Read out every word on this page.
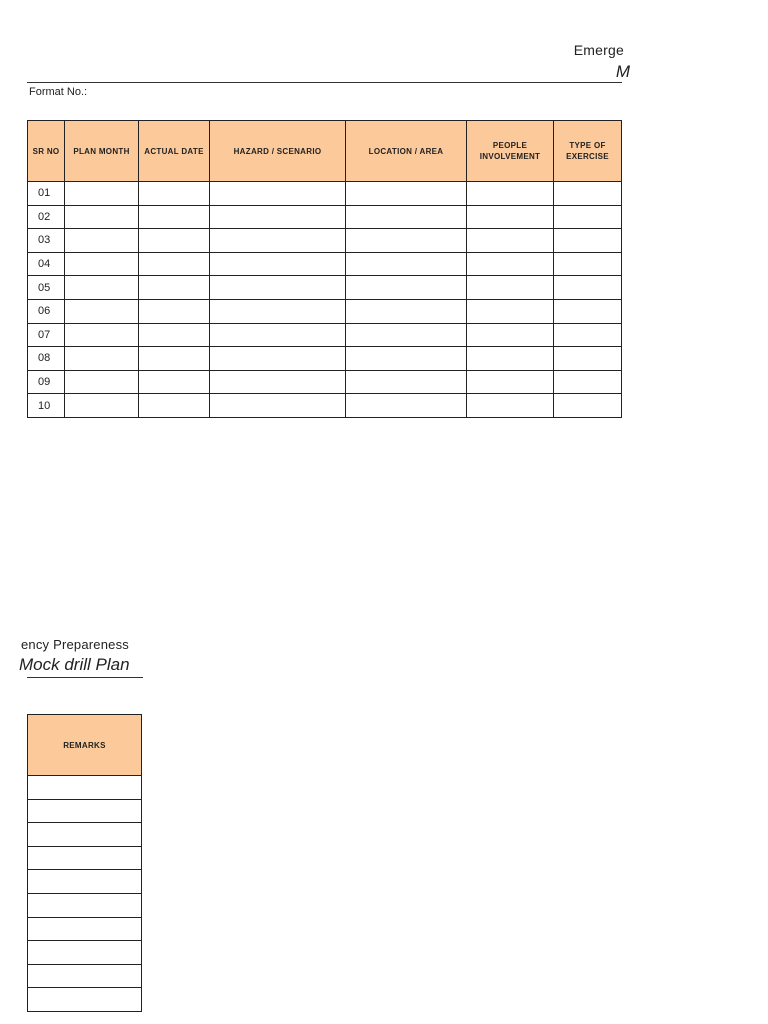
Emerge
M
Format No.:
SR NO	PLAN MONTH	ACTUAL DATE	HAZARD / SCENARIO	LOCATION / AREA	PEOPLE INVOLVEMENT	TYPE OF EXERCISE
01						
02						
03						
04						
05						
06						
07						
08						
09						
10						
ency Prepareness
Mock drill Plan
REMARKS
